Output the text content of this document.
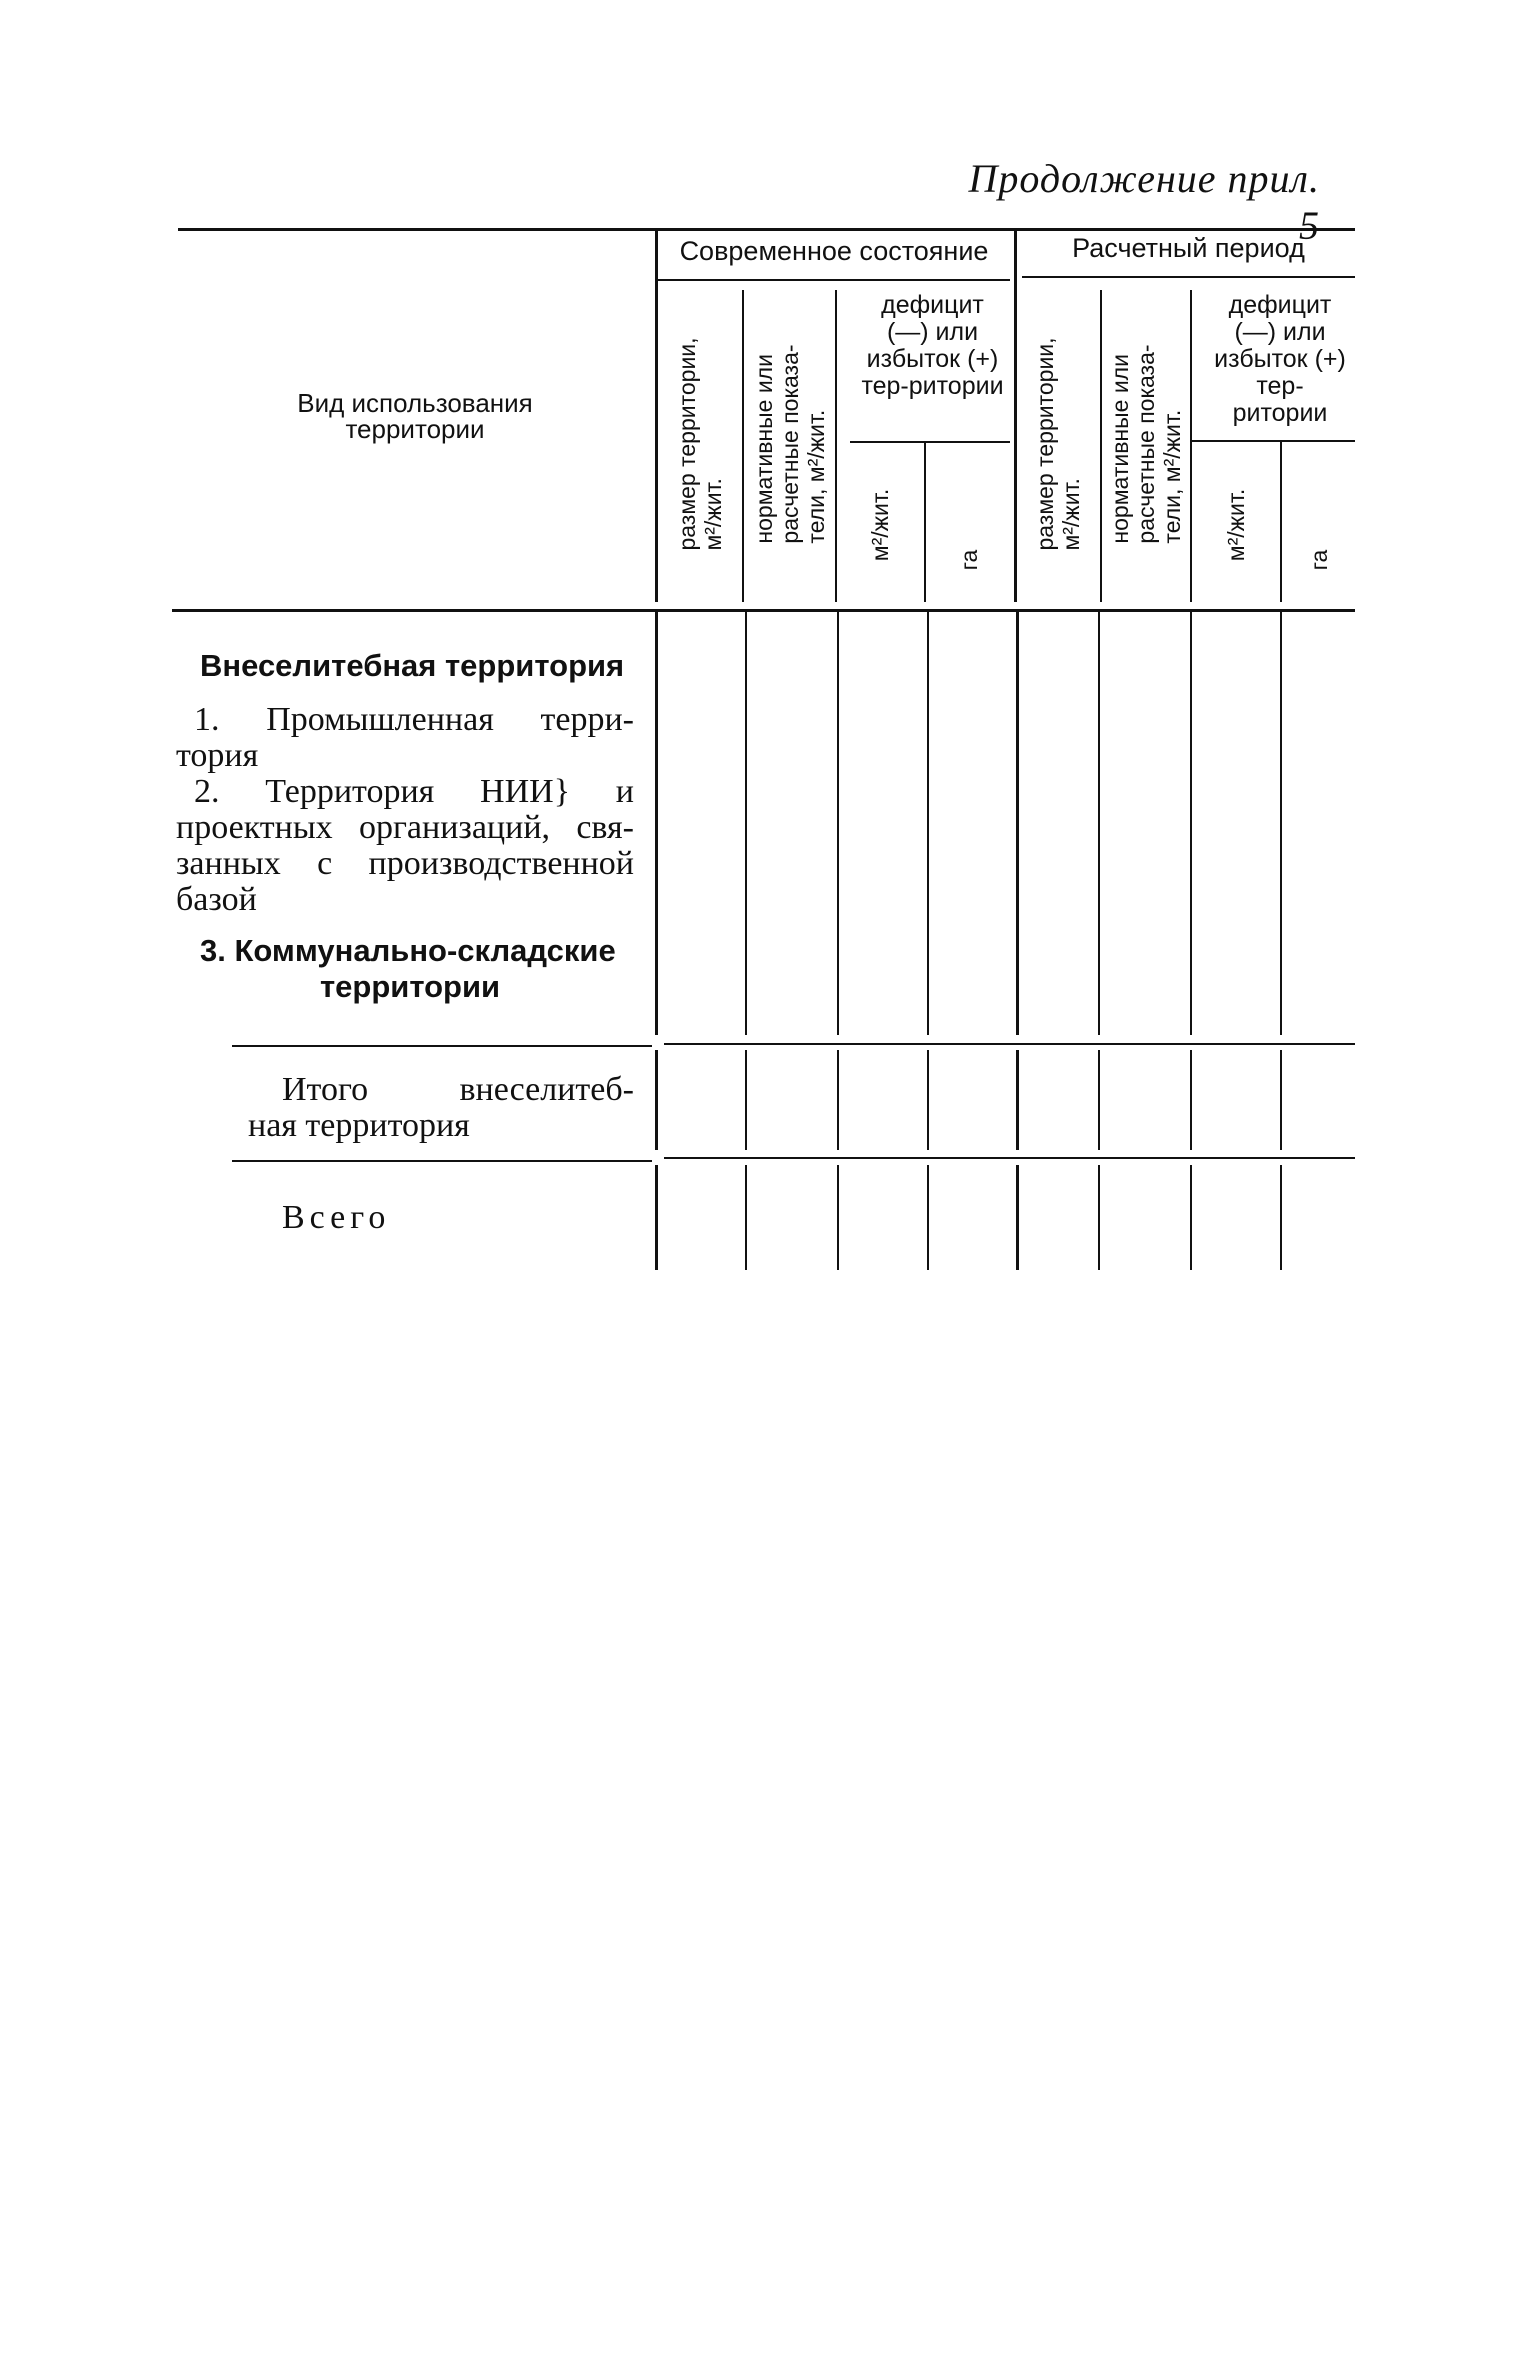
Продолжение прил. 5
Вид использования территории
Современное состояние	Расчетный период
размер территории,
м²/жит. нормативные или
расчетные показа-
тели, м²/жит.
дефицит (—) или избыток (+) тер-ритории
м²/жит.	га
размер территории,
м²/жит. нормативные или
расчетные показа-
тели, м²/жит.
дефицит (—) или избыток (+) тер-ритории
м²/жит. га
Внеселитебная территория
1. Промышленная терри-
тория
2. Территория НИИ} и
проектных организаций, свя-
занных с производственной
базой
3. Коммунально-складские
территории
Итого внеселитеб-
ная территория
Всего
